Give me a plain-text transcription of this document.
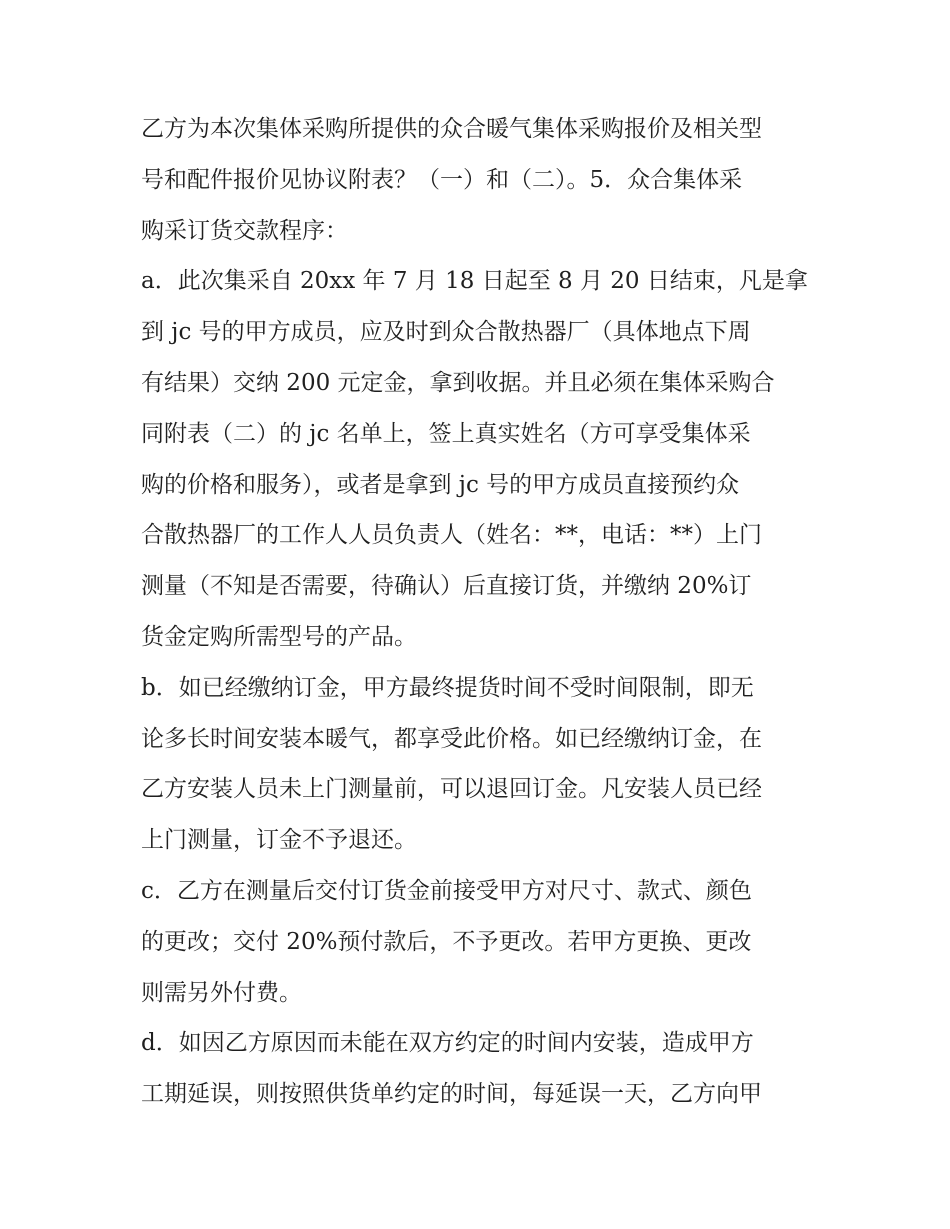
乙方为本次集体采购所提供的众合暖气集体采购报价及相关型
号和配件报价见协议附表？（一）和（二）。5．众合集体采
购采订货交款程序：
a．此次集采自 20xx 年 7 月 18 日起至 8 月 20 日结束，凡是拿
到 jc 号的甲方成员，应及时到众合散热器厂（具体地点下周
有结果）交纳 200 元定金，拿到收据。并且必须在集体采购合
同附表（二）的 jc 名单上，签上真实姓名（方可享受集体采
购的价格和服务），或者是拿到 jc 号的甲方成员直接预约众
合散热器厂的工作人人员负责人（姓名：**，电话：**）上门
测量（不知是否需要，待确认）后直接订货，并缴纳 20%订
货金定购所需型号的产品。
b．如已经缴纳订金，甲方最终提货时间不受时间限制，即无
论多长时间安装本暖气，都享受此价格。如已经缴纳订金，在
乙方安装人员未上门测量前，可以退回订金。凡安装人员已经
上门测量，订金不予退还。
c．乙方在测量后交付订货金前接受甲方对尺寸、款式、颜色
的更改；交付 20%预付款后，不予更改。若甲方更换、更改
则需另外付费。
d．如因乙方原因而未能在双方约定的时间内安装，造成甲方
工期延误，则按照供货单约定的时间，每延误一天，乙方向甲
